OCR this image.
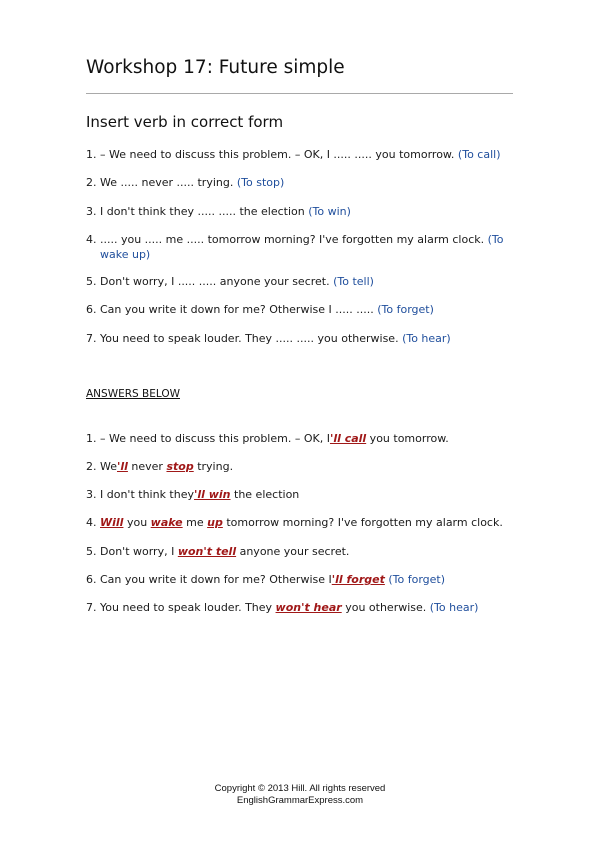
Workshop 17: Future simple
Insert verb in correct form
1. – We need to discuss this problem. – OK, I ..... ..... you tomorrow. (To call)
2. We ..... never ..... trying. (To stop)
3. I don't think they ..... ..... the election (To win)
4. ..... you ..... me ..... tomorrow morning? I've forgotten my alarm clock. (To wake up)
5. Don't worry, I ..... ..... anyone your secret. (To tell)
6. Can you write it down for me? Otherwise I ..... ..... (To forget)
7. You need to speak louder. They ..... ..... you otherwise. (To hear)
ANSWERS BELOW
1. – We need to discuss this problem. – OK, I'll call you tomorrow.
2. We'll never stop trying.
3. I don't think they'll win the election
4. Will you wake me up tomorrow morning? I've forgotten my alarm clock.
5. Don't worry, I won't tell anyone your secret.
6. Can you write it down for me? Otherwise I'll forget (To forget)
7. You need to speak louder. They won't hear you otherwise. (To hear)
Copyright © 2013 Hill. All rights reserved
EnglishGrammarExpress.com
